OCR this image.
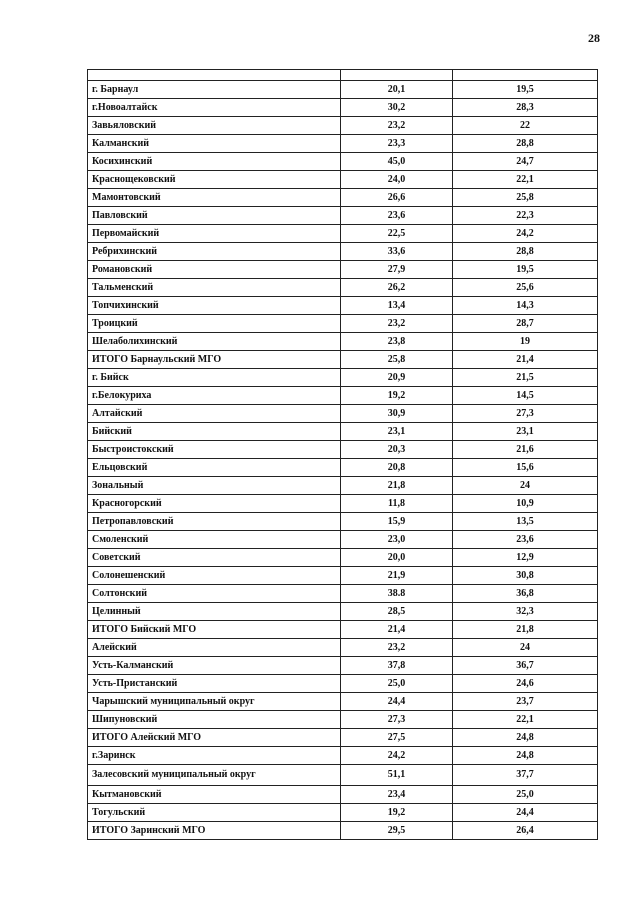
28

г. Барнаул	20,1	19,5
г.Новоалтайск	30,2	28,3
Завьяловский	23,2	22
Калманский	23,3	28,8
Косихинский	45,0	24,7
Краснощековский	24,0	22,1
Мамонтовский	26,6	25,8
Павловский	23,6	22,3
Первомайский	22,5	24,2
Ребрихинский	33,6	28,8
Романовский	27,9	19,5
Тальменский	26,2	25,6
Топчихинский	13,4	14,3
Троицкий	23,2	28,7
Шелаболихинский	23,8	19
ИТОГО Барнаульский МГО	25,8	21,4
г. Бийск	20,9	21,5
г.Белокуриха	19,2	14,5
Алтайский	30,9	27,3
Бийский	23,1	23,1
Быстроистокский	20,3	21,6
Ельцовский	20,8	15,6
Зональный	21,8	24
Красногорский	11,8	10,9
Петропавловский	15,9	13,5
Смоленский	23,0	23,6
Советский	20,0	12,9
Солонешенский	21,9	30,8
Солтонский	38.8	36,8
Целинный	28,5	32,3
ИТОГО Бийский МГО	21,4	21,8
Алейский	23,2	24
Усть-Калманский	37,8	36,7
Усть-Пристанский	25,0	24,6
Чарышский муниципальный округ	24,4	23,7
Шипуновский	27,3	22,1
ИТОГО Алейский МГО	27,5	24,8
г.Заринск	24,2	24,8
Залесовский муниципальный округ	51,1	37,7
Кытмановский	23,4	25,0
Тогульский	19,2	24,4
ИТОГО Заринский МГО	29,5	26,4
